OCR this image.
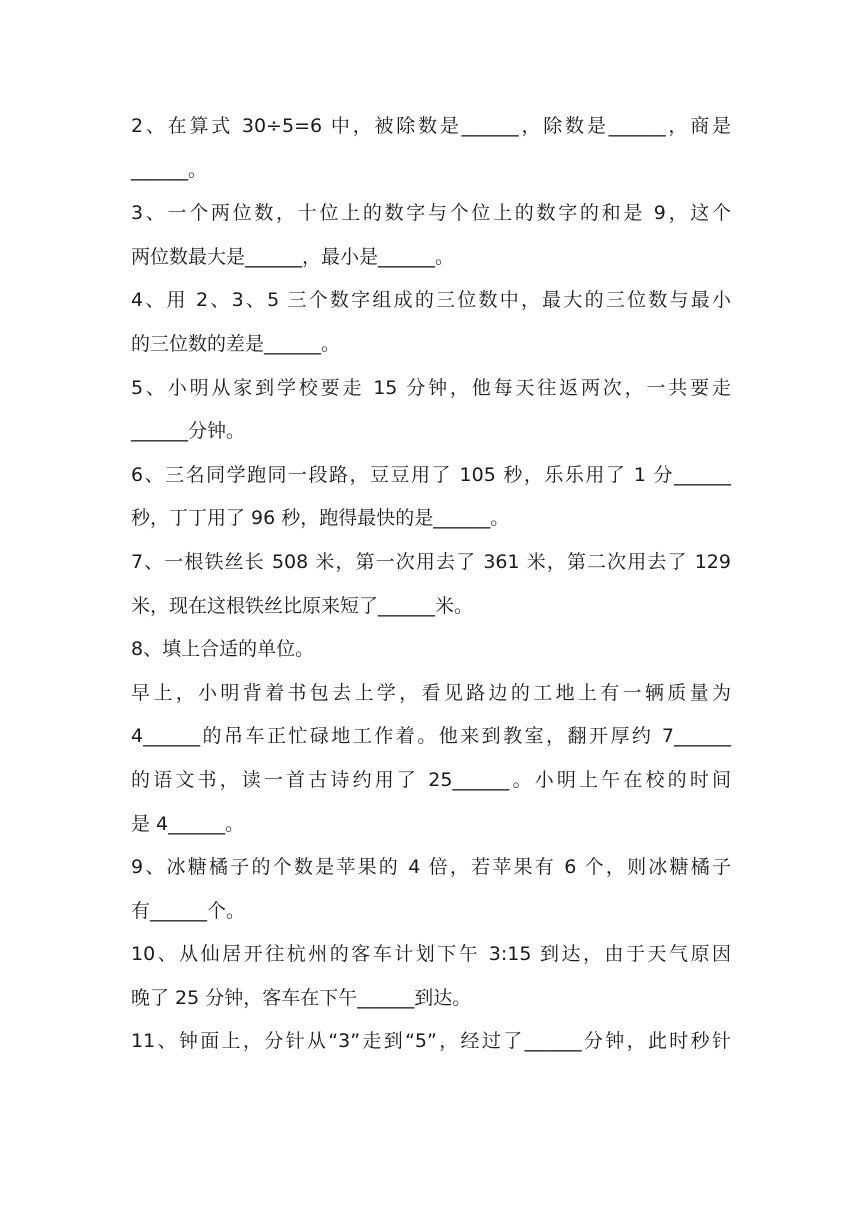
2、在算式 30÷5=6 中，被除数是______，除数是______，商是
______。
3、一个两位数，十位上的数字与个位上的数字的和是 9，这个
两位数最大是______，最小是______。
4、用 2、3、5 三个数字组成的三位数中，最大的三位数与最小
的三位数的差是______。
5、小明从家到学校要走 15 分钟，他每天往返两次，一共要走
______分钟。
6、三名同学跑同一段路，豆豆用了 105 秒，乐乐用了 1 分______
秒，丁丁用了 96 秒，跑得最快的是______。
7、一根铁丝长 508 米，第一次用去了 361 米，第二次用去了 129
米，现在这根铁丝比原来短了______米。
8、填上合适的单位。
早上，小明背着书包去上学，看见路边的工地上有一辆质量为
4______的吊车正忙碌地工作着。他来到教室，翻开厚约 7______
的语文书，读一首古诗约用了 25______。小明上午在校的时间
是 4______。
9、冰糖橘子的个数是苹果的 4 倍，若苹果有 6 个，则冰糖橘子
有______个。
10、从仙居开往杭州的客车计划下午 3:15 到达，由于天气原因
晚了 25 分钟，客车在下午______到达。
11、钟面上，分针从“3”走到“5”，经过了______分钟，此时秒针
